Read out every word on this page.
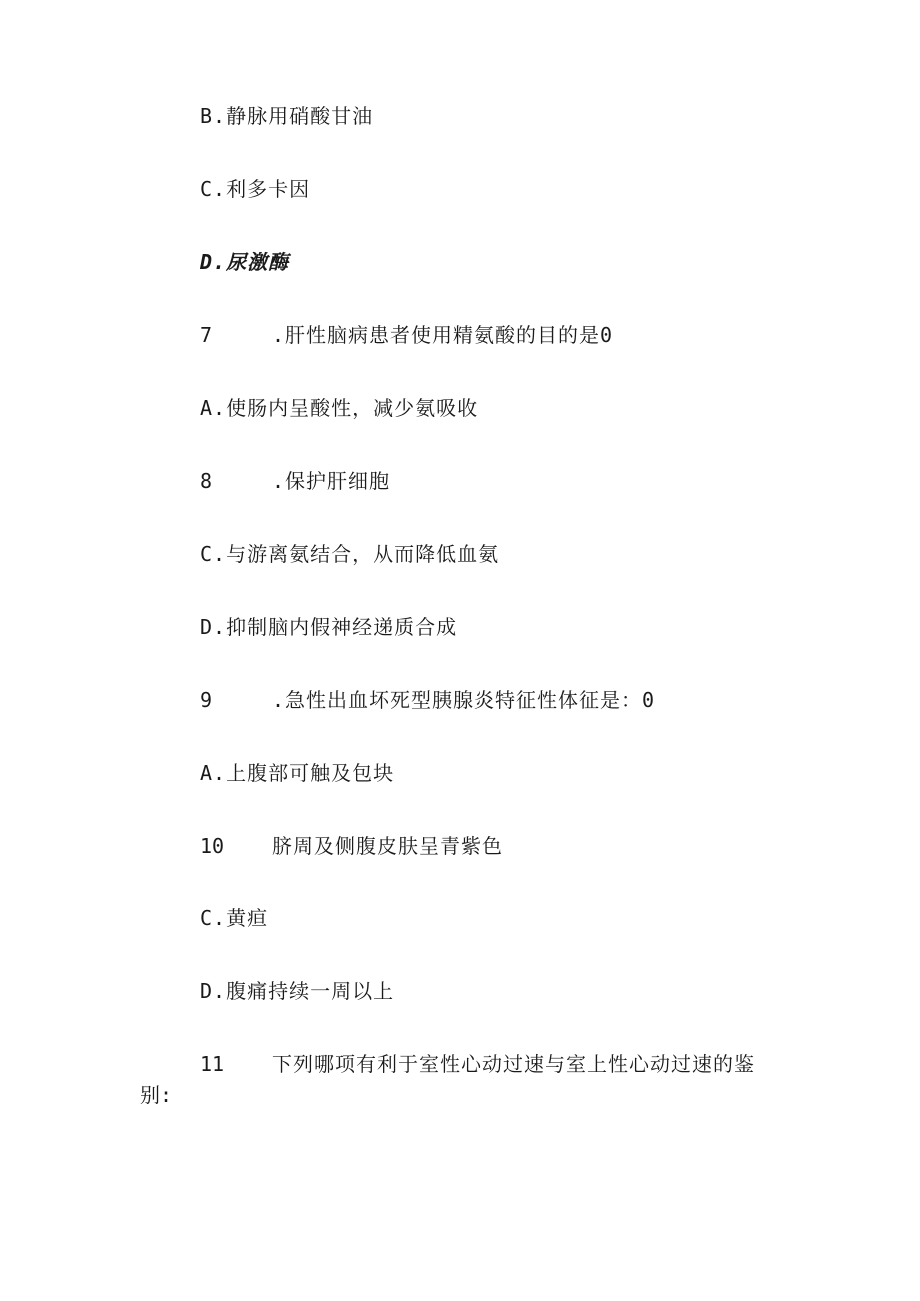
B.静脉用硝酸甘油
C.利多卡因
D.尿激酶
7	.肝性脑病患者使用精氨酸的目的是0
A.使肠内呈酸性，减少氨吸收
8	.保护肝细胞
C.与游离氨结合，从而降低血氨
D.抑制脑内假神经递质合成
9	.急性出血坏死型胰腺炎特征性体征是：0
A.上腹部可触及包块
10 脐周及侧腹皮肤呈青紫色
C.黄疸
D.腹痛持续一周以上
11 下列哪项有利于室性心动过速与室上性心动过速的鉴
别:
